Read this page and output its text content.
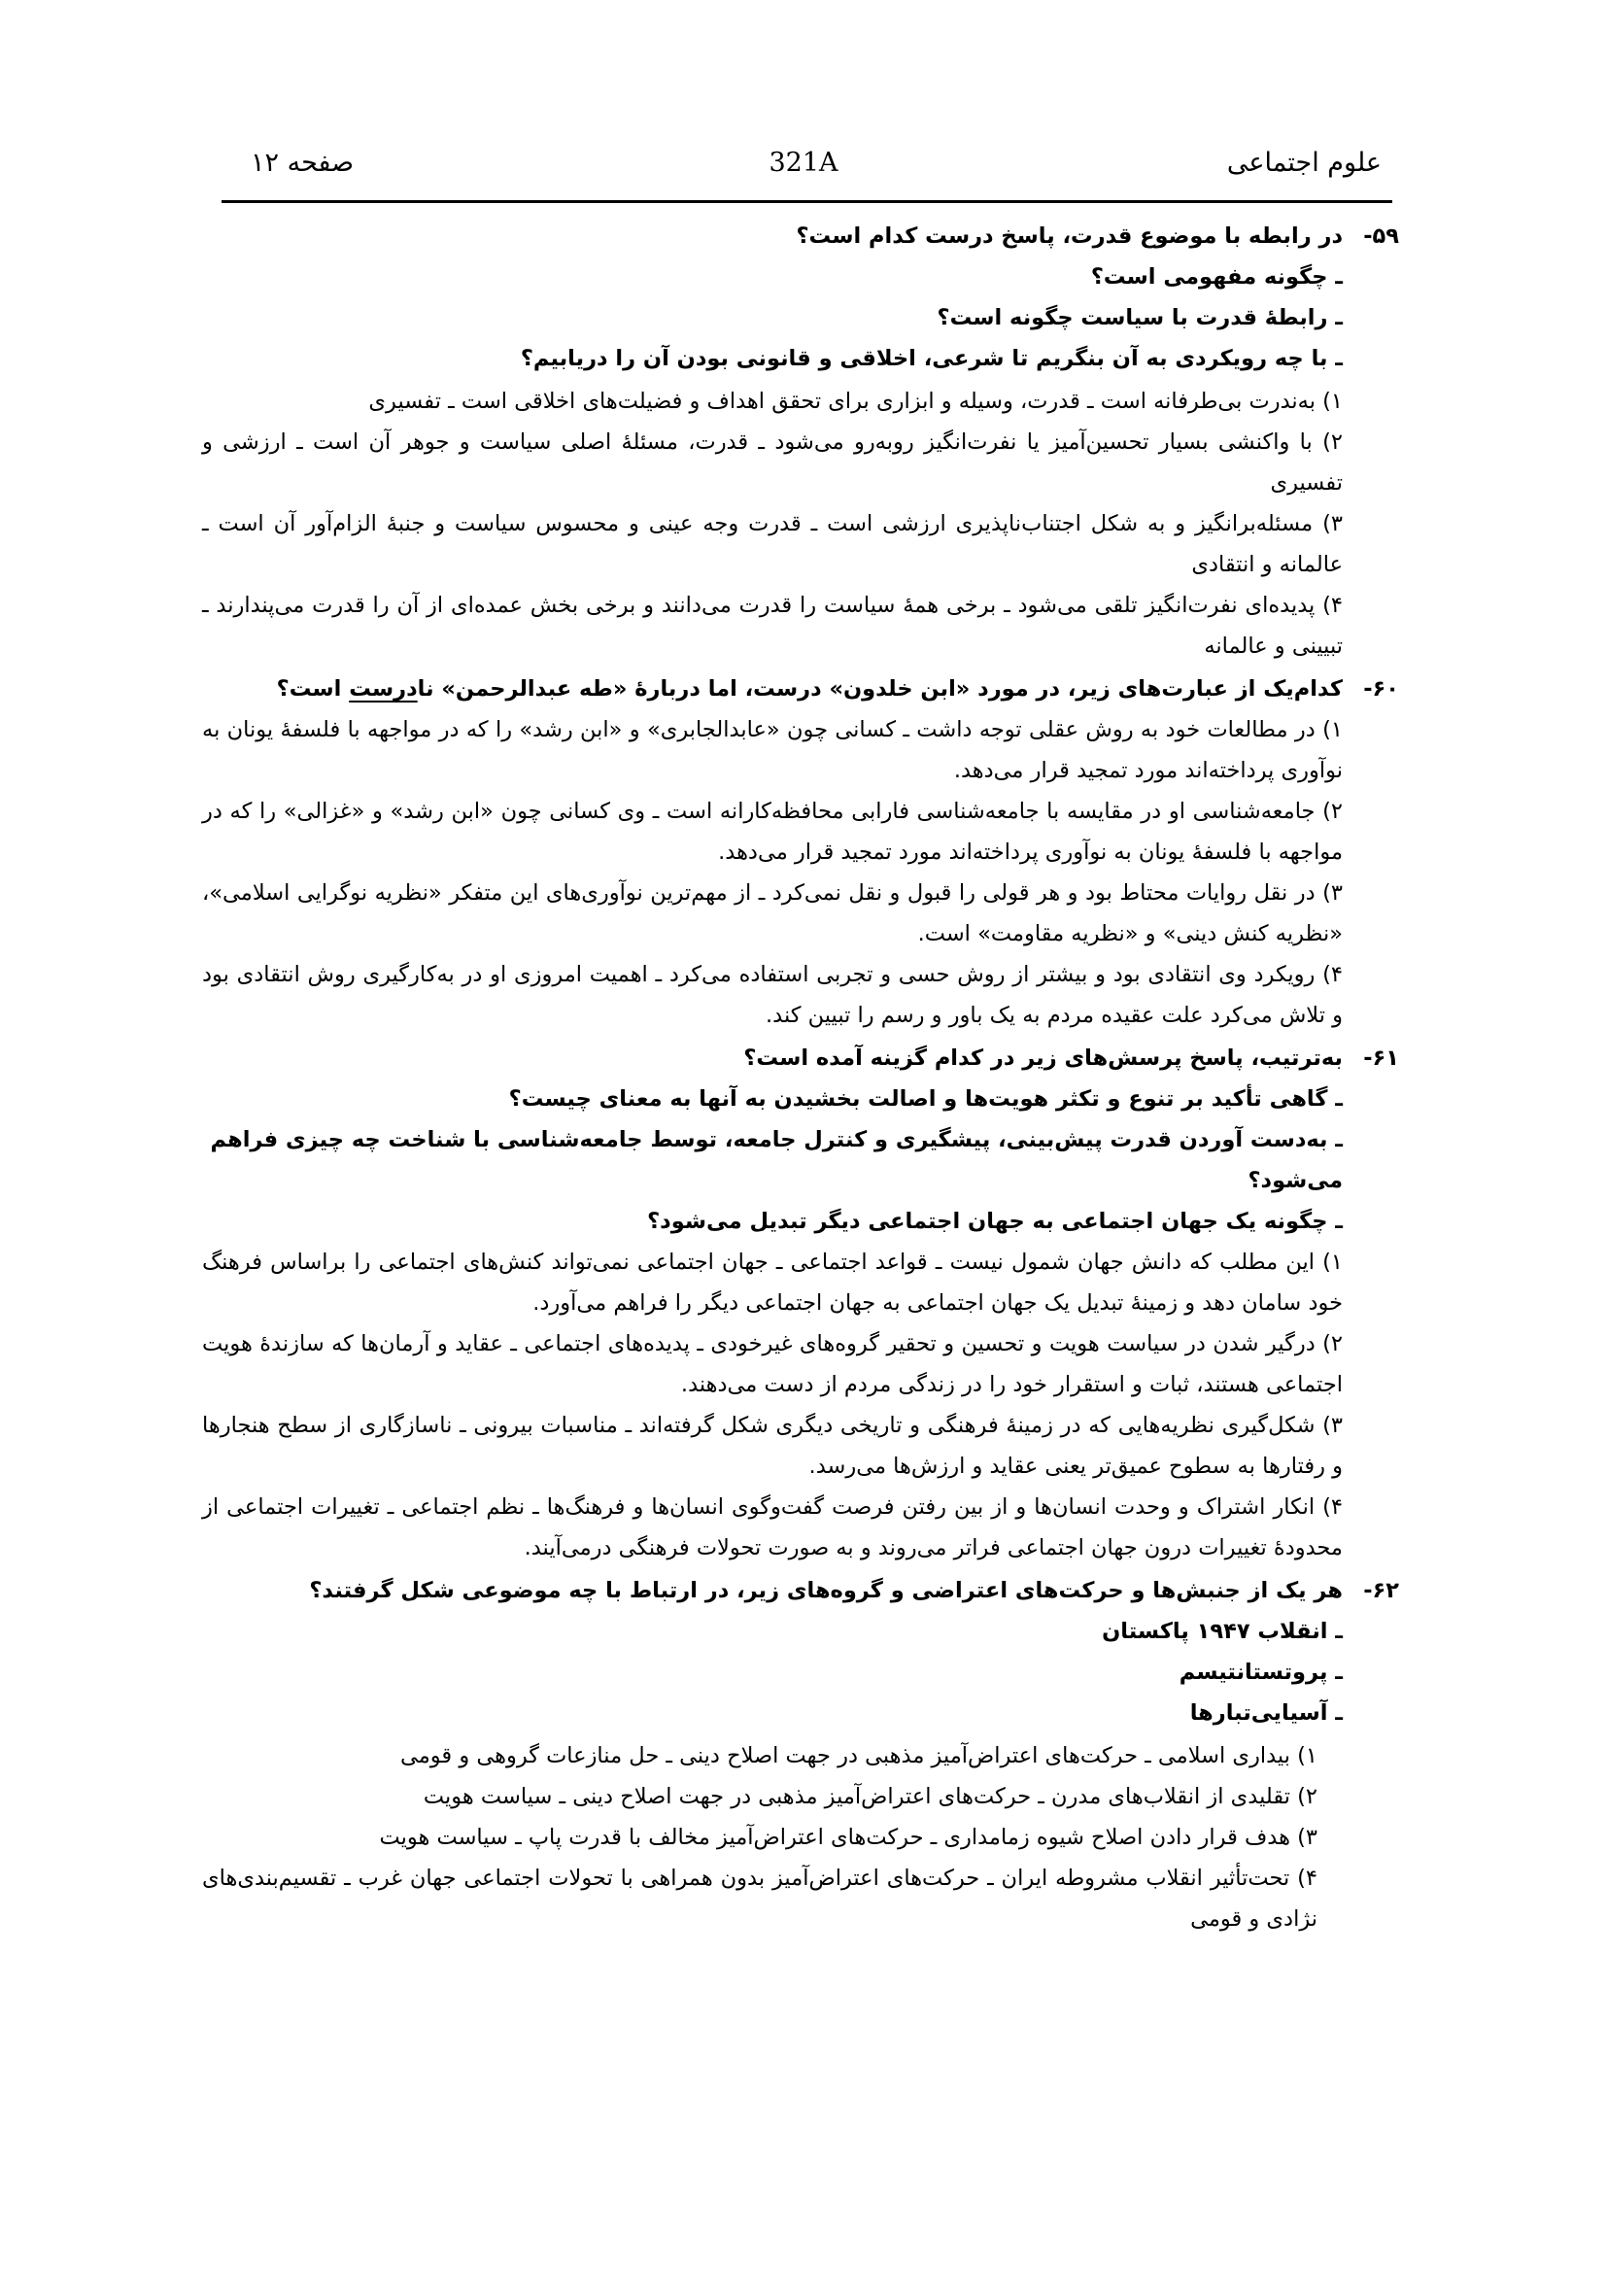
علوم اجتماعی
321A
صفحه ۱۲
۵۹-
در رابطه با موضوع قدرت، پاسخ درست کدام است؟
ـ چگونه مفهومی است؟
ـ رابطهٔ قدرت با سیاست چگونه است؟
ـ با چه رویکردی به آن بنگریم تا شرعی، اخلاقی و قانونی بودن آن را دریابیم؟
۱) به‌ندرت بی‌طرفانه است ـ قدرت، وسیله و ابزاری برای تحقق اهداف و فضیلت‌های اخلاقی است ـ تفسیری
۲) با واکنشی بسیار تحسین‌آمیز یا نفرت‌انگیز روبه‌رو می‌شود ـ قدرت، مسئلهٔ اصلی سیاست و جوهر آن است ـ ارزشی و تفسیری
۳) مسئله‌برانگیز و به شکل اجتناب‌ناپذیری ارزشی است ـ قدرت وجه عینی و محسوس سیاست و جنبهٔ الزام‌آور آن است ـ عالمانه و انتقادی
۴) پدیده‌ای نفرت‌انگیز تلقی می‌شود ـ برخی همهٔ سیاست را قدرت می‌دانند و برخی بخش عمده‌ای از آن را قدرت می‌پندارند ـ تبیینی و عالمانه
۶۰-
کدام‌یک از عبارت‌های زیر، در مورد «ابن خلدون» درست، اما دربارهٔ «طه عبدالرحمن» نادرست است؟
۱) در مطالعات خود به روش عقلی توجه داشت ـ کسانی چون «عابدالجابری» و «ابن رشد» را که در مواجهه با فلسفهٔ یونان به نوآوری پرداخته‌اند مورد تمجید قرار می‌دهد.
۲) جامعه‌شناسی او در مقایسه با جامعه‌شناسی فارابی محافظه‌کارانه است ـ وی کسانی چون «ابن رشد» و «غزالی» را که در مواجهه با فلسفهٔ یونان به نوآوری پرداخته‌اند مورد تمجید قرار می‌دهد.
۳) در نقل روایات محتاط بود و هر قولی را قبول و نقل نمی‌کرد ـ از مهم‌ترین نوآوری‌های این متفکر «نظریه نوگرایی اسلامی»، «نظریه کنش دینی» و «نظریه مقاومت» است.
۴) رویکرد وی انتقادی بود و بیشتر از روش حسی و تجربی استفاده می‌کرد ـ اهمیت امروزی او در به‌کارگیری روش انتقادی بود و تلاش می‌کرد علت عقیده مردم به یک باور و رسم را تبیین کند.
۶۱-
به‌ترتیب، پاسخ پرسش‌های زیر در کدام گزینه آمده است؟
ـ گاهی تأکید بر تنوع و تکثر هویت‌ها و اصالت بخشیدن به آنها به معنای چیست؟
ـ به‌دست آوردن قدرت پیش‌بینی، پیشگیری و کنترل جامعه، توسط جامعه‌شناسی با شناخت چه چیزی فراهم می‌شود؟
ـ چگونه یک جهان اجتماعی به جهان اجتماعی دیگر تبدیل می‌شود؟
۱) این مطلب که دانش جهان شمول نیست ـ قواعد اجتماعی ـ جهان اجتماعی نمی‌تواند کنش‌های اجتماعی را براساس فرهنگ خود سامان دهد و زمینهٔ تبدیل یک جهان اجتماعی به جهان اجتماعی دیگر را فراهم می‌آورد.
۲) درگیر شدن در سیاست هویت و تحسین و تحقیر گروه‌های غیرخودی ـ پدیده‌های اجتماعی ـ عقاید و آرمان‌ها که سازندهٔ هویت اجتماعی هستند، ثبات و استقرار خود را در زندگی مردم از دست می‌دهند.
۳) شکل‌گیری نظریه‌هایی که در زمینهٔ فرهنگی و تاریخی دیگری شکل گرفته‌اند ـ مناسبات بیرونی ـ ناسازگاری از سطح هنجارها و رفتارها به سطوح عمیق‌تر یعنی عقاید و ارزش‌ها می‌رسد.
۴) انکار اشتراک و وحدت انسان‌ها و از بین رفتن فرصت گفت‌وگوی انسان‌ها و فرهنگ‌ها ـ نظم اجتماعی ـ تغییرات اجتماعی از محدودهٔ تغییرات درون جهان اجتماعی فراتر می‌روند و به صورت تحولات فرهنگی درمی‌آیند.
۶۲-
هر یک از جنبش‌ها و حرکت‌های اعتراضی و گروه‌های زیر، در ارتباط با چه موضوعی شکل گرفتند؟
ـ انقلاب ۱۹۴۷ پاکستان
ـ پروتستانتیسم
ـ آسیایی‌تبارها
۱) بیداری اسلامی ـ حرکت‌های اعتراض‌آمیز مذهبی در جهت اصلاح دینی ـ حل منازعات گروهی و قومی
۲) تقلیدی از انقلاب‌های مدرن ـ حرکت‌های اعتراض‌آمیز مذهبی در جهت اصلاح دینی ـ سیاست هویت
۳) هدف قرار دادن اصلاح شیوه زمامداری ـ حرکت‌های اعتراض‌آمیز مخالف با قدرت پاپ ـ سیاست هویت
۴) تحت‌تأثیر انقلاب مشروطه ایران ـ حرکت‌های اعتراض‌آمیز بدون همراهی با تحولات اجتماعی جهان غرب ـ تقسیم‌بندی‌های نژادی و قومی
